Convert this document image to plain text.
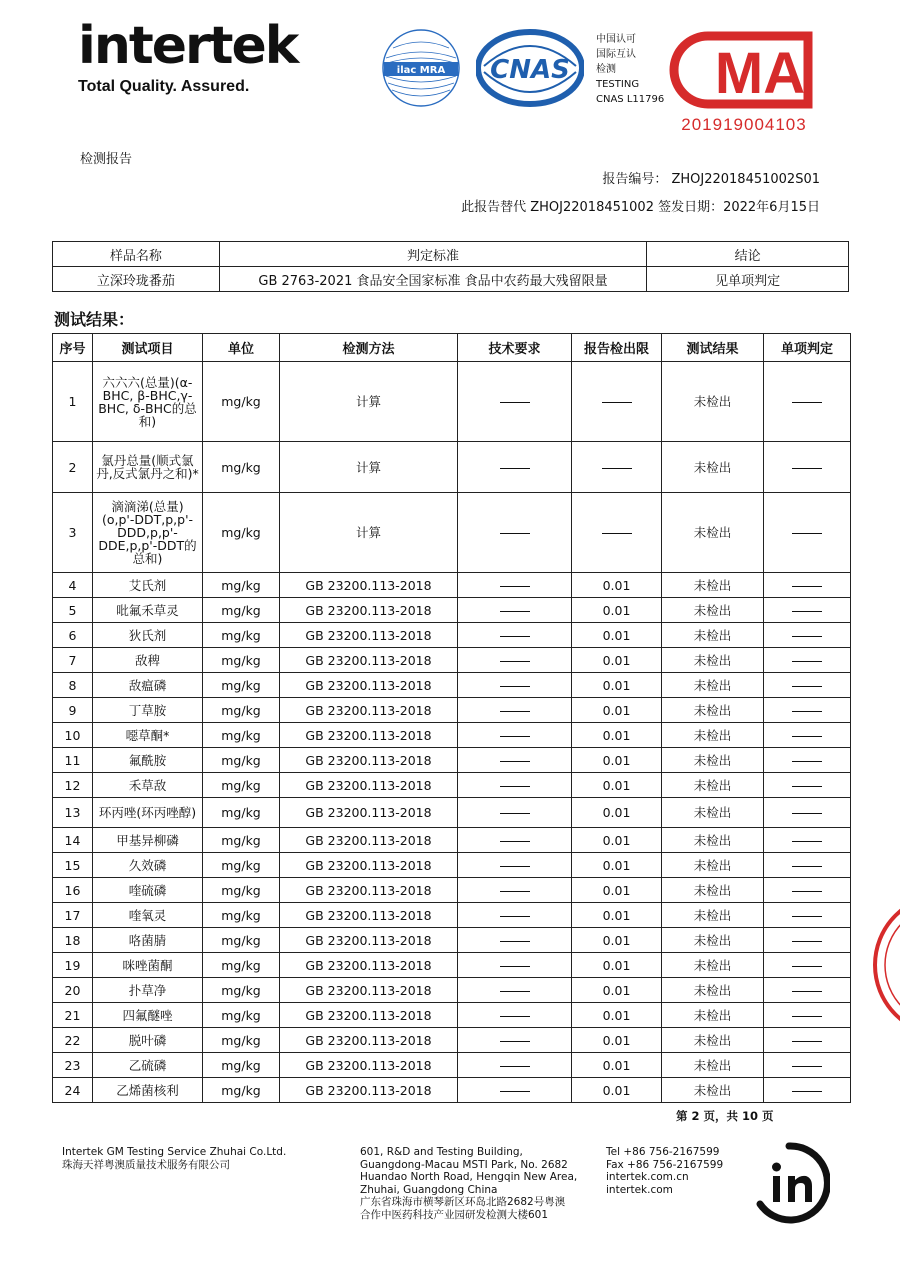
intertek
Total Quality. Assured.
ilac MRA CNAS
中国认可
国际互认
检测
TESTING
CNAS L11796 MA
201919004103
检测报告
报告编号： ZHOJ22018451002S01
此报告替代 ZHOJ22018451002 签发日期：2022年6月15日
样品名称	判定标准	结论
立深玲珑番茄	GB 2763-2021 食品安全国家标准 食品中农药最大残留限量	见单项判定
测试结果：
序号	测试项目	单位	检测方法	技术要求	报告检出限	测试结果	单项判定
1	六六六(总量)(α-BHC, β-BHC,γ-BHC, δ-BHC的总和)	mg/kg	计算			未检出	
2	氯丹总量(顺式氯丹,反式氯丹之和)*	mg/kg	计算			未检出	
3	滴滴涕(总量)(o,p'-DDT,p,p'-DDD,p,p'-DDE,p,p'-DDT的总和)	mg/kg	计算			未检出	
4	艾氏剂	mg/kg	GB 23200.113-2018		0.01	未检出	
5	吡氟禾草灵	mg/kg	GB 23200.113-2018		0.01	未检出	
6	狄氏剂	mg/kg	GB 23200.113-2018		0.01	未检出	
7	敌稗	mg/kg	GB 23200.113-2018		0.01	未检出	
8	敌瘟磷	mg/kg	GB 23200.113-2018		0.01	未检出	
9	丁草胺	mg/kg	GB 23200.113-2018		0.01	未检出	
10	噁草酮*	mg/kg	GB 23200.113-2018		0.01	未检出	
11	氟酰胺	mg/kg	GB 23200.113-2018		0.01	未检出	
12	禾草敌	mg/kg	GB 23200.113-2018		0.01	未检出	
13	环丙唑(环丙唑醇)	mg/kg	GB 23200.113-2018		0.01	未检出	
14	甲基异柳磷	mg/kg	GB 23200.113-2018		0.01	未检出	
15	久效磷	mg/kg	GB 23200.113-2018		0.01	未检出	
16	喹硫磷	mg/kg	GB 23200.113-2018		0.01	未检出	
17	喹氧灵	mg/kg	GB 23200.113-2018		0.01	未检出	
18	咯菌腈	mg/kg	GB 23200.113-2018		0.01	未检出	
19	咪唑菌酮	mg/kg	GB 23200.113-2018		0.01	未检出	
20	扑草净	mg/kg	GB 23200.113-2018		0.01	未检出	
21	四氟醚唑	mg/kg	GB 23200.113-2018		0.01	未检出	
22	脱叶磷	mg/kg	GB 23200.113-2018		0.01	未检出	
23	乙硫磷	mg/kg	GB 23200.113-2018		0.01	未检出	
24	乙烯菌核利	mg/kg	GB 23200.113-2018		0.01	未检出	
第 2 页，共 10 页
Intertek GM Testing Service Zhuhai Co.Ltd.
珠海天祥粤澳质量技术服务有限公司
601, R&D and Testing Building,
Guangdong-Macau MSTI Park, No. 2682
Huandao North Road, Hengqin New Area,
Zhuhai, Guangdong China
广东省珠海市横琴新区环岛北路2682号粤澳
合作中医药科技产业园研发检测大楼601
Tel +86 756-2167599
Fax +86 756-2167599
intertek.com.cn
intertek.com
